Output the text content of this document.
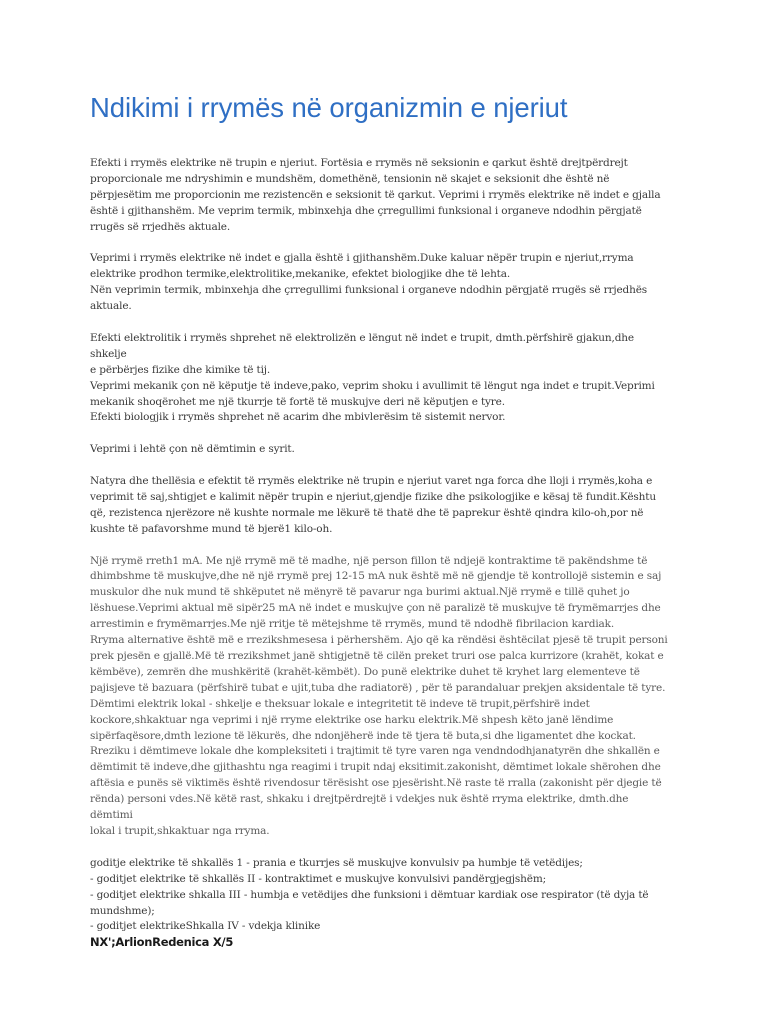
Ndikimi i rrymës në organizmin e njeriut
Efekti i rrymës elektrike në trupin e njeriut. Fortësia e rrymës në seksionin e qarkut është drejtpërdrejt
proporcionale me ndryshimin e mundshëm, domethënë, tensionin në skajet e seksionit dhe është në
përpjesëtim me proporcionin me rezistencën e seksionit të qarkut. Veprimi i rrymës elektrike në indet e gjalla
është i gjithanshëm. Me veprim termik, mbinxehja dhe çrregullimi funksional i organeve ndodhin përgjatë
rrugës së rrjedhës aktuale.
Veprimi i rrymës elektrike në indet e gjalla është i gjithanshëm.Duke kaluar nëpër trupin e njeriut,rryma
elektrike prodhon termike,elektrolitike,mekanike, efektet biologjike dhe të lehta.
Nën veprimin termik, mbinxehja dhe çrregullimi funksional i organeve ndodhin përgjatë rrugës së rrjedhës
aktuale.
Efekti elektrolitik i rrymës shprehet në elektrolizën e lëngut në indet e trupit, dmth.përfshirë gjakun,dhe shkelje
e përbërjes fizike dhe kimike të tij.
Veprimi mekanik çon në këputje të indeve,pako, veprim shoku i avullimit të lëngut nga indet e trupit.Veprimi
mekanik shoqërohet me një tkurrje të fortë të muskujve deri në këputjen e tyre.
Efekti biologjik i rrymës shprehet në acarim dhe mbivlerësim të sistemit nervor.
Veprimi i lehtë çon në dëmtimin e syrit.
Natyra dhe thellësia e efektit të rrymës elektrike në trupin e njeriut varet nga forca dhe lloji i rrymës,koha e
veprimit të saj,shtigjet e kalimit nëpër trupin e njeriut,gjendje fizike dhe psikologjike e kësaj të fundit.Kështu
që, rezistenca njerëzore në kushte normale me lëkurë të thatë dhe të paprekur është qindra kilo-oh,por në
kushte të pafavorshme mund të bjerë1 kilo-oh.
Një rrymë rreth1 mA. Me një rrymë më të madhe, një person fillon të ndjejë kontraktime të pakëndshme të
dhimbshme të muskujve,dhe në një rrymë prej 12-15 mA nuk është më në gjendje të kontrollojë sistemin e saj
muskulor dhe nuk mund të shkëputet në mënyrë të pavarur nga burimi aktual.Një rrymë e tillë quhet jo
lëshuese.Veprimi aktual më sipër25 mA në indet e muskujve çon në paralizë të muskujve të frymëmarrjes dhe
arrestimin e frymëmarrjes.Me një rritje të mëtejshme të rrymës, mund të ndodhë fibrilacion kardiak.
Rryma alternative është më e rrezikshmesesa i përhershëm. Ajo që ka rëndësi ështëcilat pjesë të trupit personi
prek pjesën e gjallë.Më të rrezikshmet janë shtigjetnë të cilën preket truri ose palca kurrizore (krahët, kokat e
këmbëve), zemrën dhe mushkëritë (krahët-këmbët). Do punë elektrike duhet të kryhet larg elementeve të
pajisjeve të bazuara (përfshirë tubat e ujit,tuba dhe radiatorë) , për të parandaluar prekjen aksidentale të tyre.
Dëmtimi elektrik lokal - shkelje e theksuar lokale e integritetit të indeve të trupit,përfshirë indet
kockore,shkaktuar nga veprimi i një rryme elektrike ose harku elektrik.Më shpesh këto janë lëndime
sipërfaqësore,dmth lezione të lëkurës, dhe ndonjëherë inde të tjera të buta,si dhe ligamentet dhe kockat.
Rreziku i dëmtimeve lokale dhe kompleksiteti i trajtimit të tyre varen nga vendndodhjanatyrën dhe shkallën e
dëmtimit të indeve,dhe gjithashtu nga reagimi i trupit ndaj eksitimit.zakonisht, dëmtimet lokale shërohen dhe
aftësia e punës së viktimës është rivendosur tërësisht ose pjesërisht.Në raste të rralla (zakonisht për djegie të
rënda) personi vdes.Në këtë rast, shkaku i drejtpërdrejtë i vdekjes nuk është rryma elektrike, dmth.dhe dëmtimi
lokal i trupit,shkaktuar nga rryma.
goditje elektrike të shkallës 1 - prania e tkurrjes së muskujve konvulsiv pa humbje të vetëdijes;
- goditjet elektrike të shkallës II - kontraktimet e muskujve konvulsivi pandërgjegjshëm;
- goditjet elektrike shkalla III - humbja e vetëdijes dhe funksioni i dëmtuar kardiak ose respirator (të dyja të
mundshme);
- goditjet elektrikeShkalla IV - vdekja klinike
NX';ArlionRedenica X/5
